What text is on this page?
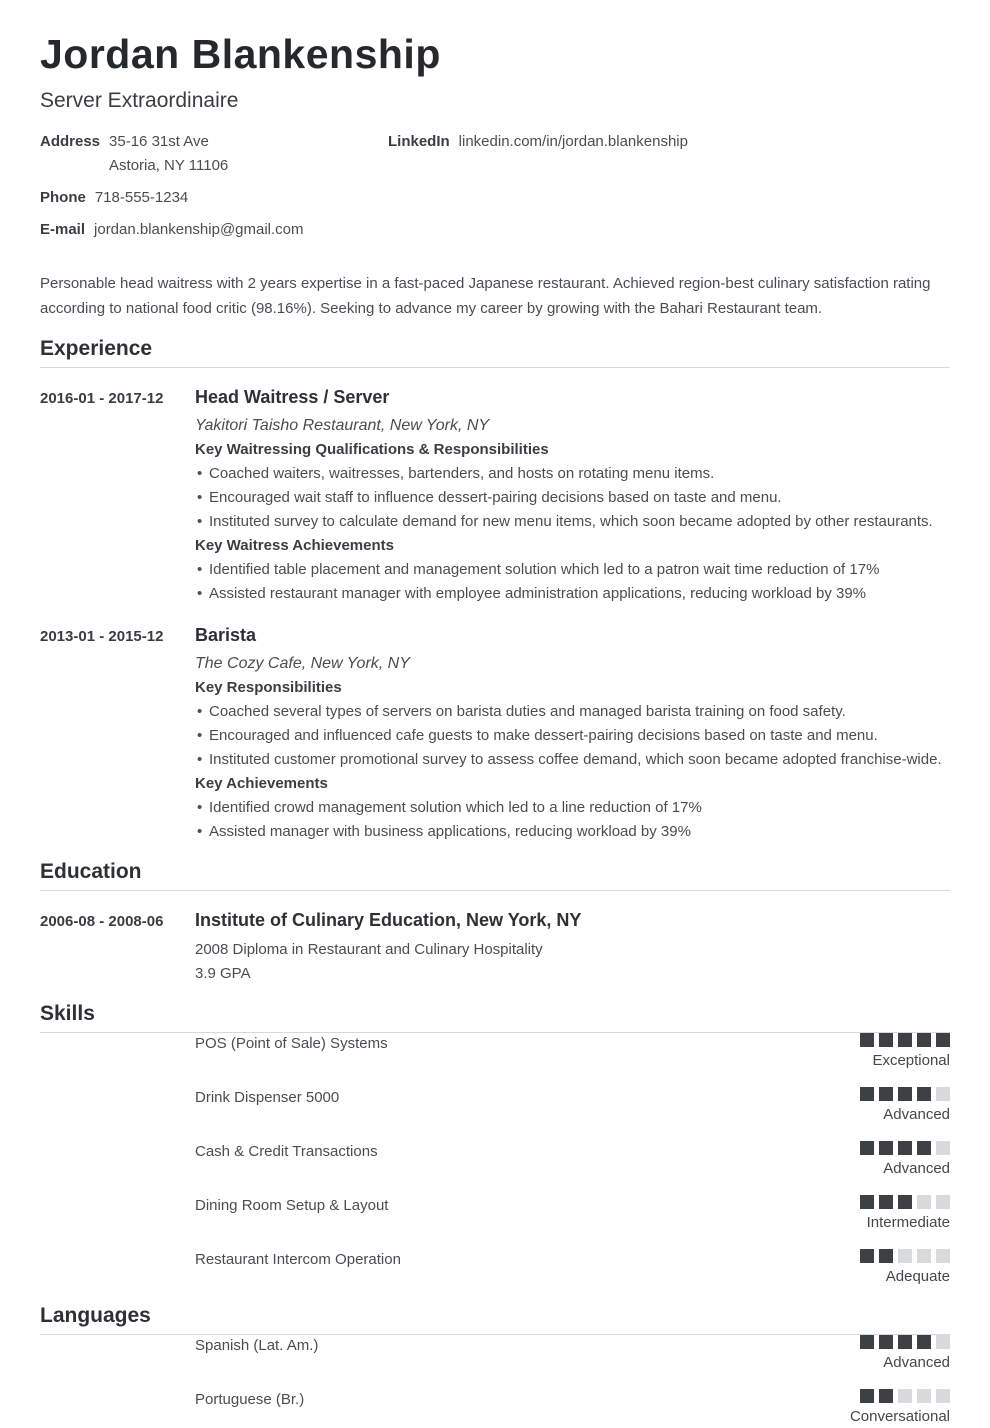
Jordan Blankenship
Server Extraordinaire
Address 35-16 31st Ave
Astoria, NY 11106
Phone 718-555-1234
E-mail jordan.blankenship@gmail.com
LinkedIn linkedin.com/in/jordan.blankenship

Personable head waitress with 2 years expertise in a fast-paced Japanese restaurant. Achieved region-best culinary satisfaction rating according to national food critic (98.16%). Seeking to advance my career by growing with the Bahari Restaurant team.

Experience
2016-01 - 2017-12	Head Waitress / Server
Yakitori Taisho Restaurant, New York, NY
Key Waitressing Qualifications & Responsibilities
• Coached waiters, waitresses, bartenders, and hosts on rotating menu items.
• Encouraged wait staff to influence dessert-pairing decisions based on taste and menu.
• Instituted survey to calculate demand for new menu items, which soon became adopted by other restaurants.
Key Waitress Achievements
• Identified table placement and management solution which led to a patron wait time reduction of 17%
• Assisted restaurant manager with employee administration applications, reducing workload by 39%
2013-01 - 2015-12	Barista
The Cozy Cafe, New York, NY
Key Responsibilities
• Coached several types of servers on barista duties and managed barista training on food safety.
• Encouraged and influenced cafe guests to make dessert-pairing decisions based on taste and menu.
• Instituted customer promotional survey to assess coffee demand, which soon became adopted franchise-wide.
Key Achievements
• Identified crowd management solution which led to a line reduction of 17%
• Assisted manager with business applications, reducing workload by 39%
Education
2006-08 - 2008-06	Institute of Culinary Education, New York, NY
2008 Diploma in Restaurant and Culinary Hospitality
3.9 GPA
Skills
POS (Point of Sale) Systems
Exceptional
Drink Dispenser 5000
Advanced
Cash & Credit Transactions
Advanced
Dining Room Setup & Layout
Intermediate
Restaurant Intercom Operation
Adequate
Languages
Spanish (Lat. Am.)
Advanced
Portuguese (Br.)
Conversational
